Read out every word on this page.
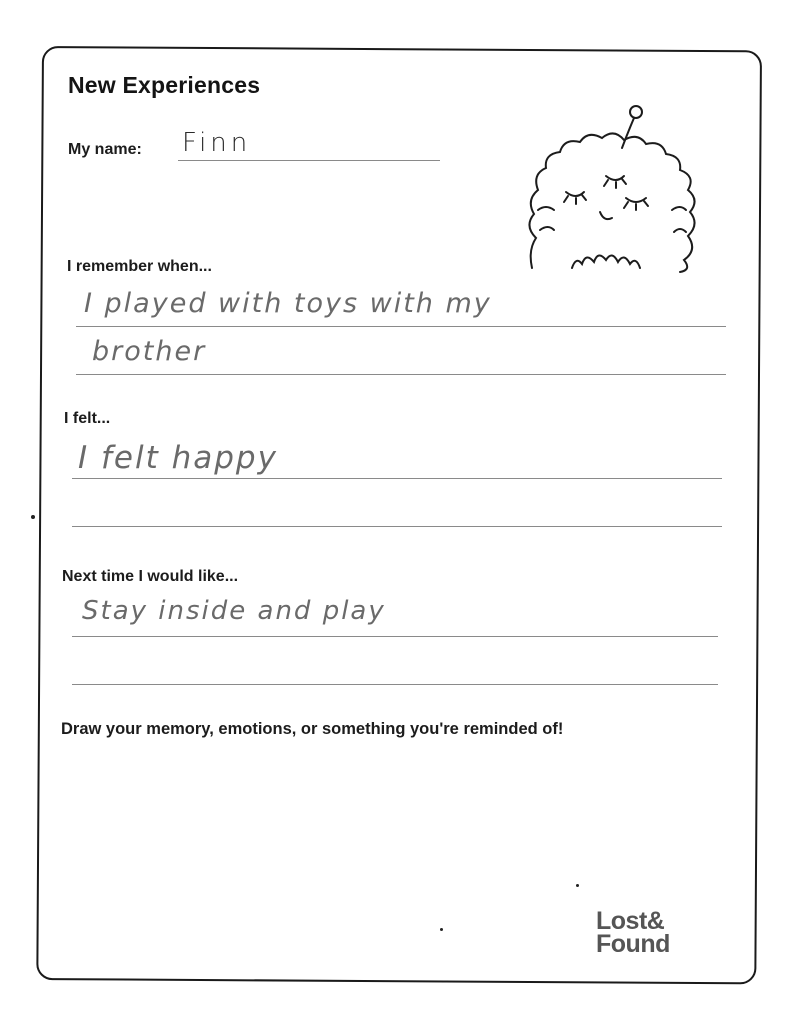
New Experiences
My name: Finn
I remember when...
I played with toys with my
brother
I felt...
I felt happy
Next time I would like...
Stay inside and play
Draw your memory, emotions, or something you're reminded of!
Lost&
Found
